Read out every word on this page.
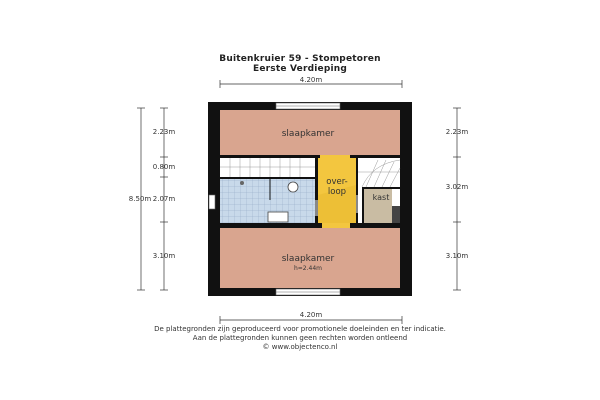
Buitenkruier 59 - Stompetoren
Eerste Verdieping
4.20m
slaapkamer
slaapkamer
h=2.44m
over-
loop
kast
8.50m
2.23m
0.80m
2.07m
3.10m
2.23m
3.02m
3.10m
4.20m
De plattegronden zijn geproduceerd voor promotionele doeleinden en ter indicatie.
Aan de plattegronden kunnen geen rechten worden ontleend
© www.objectenco.nl
